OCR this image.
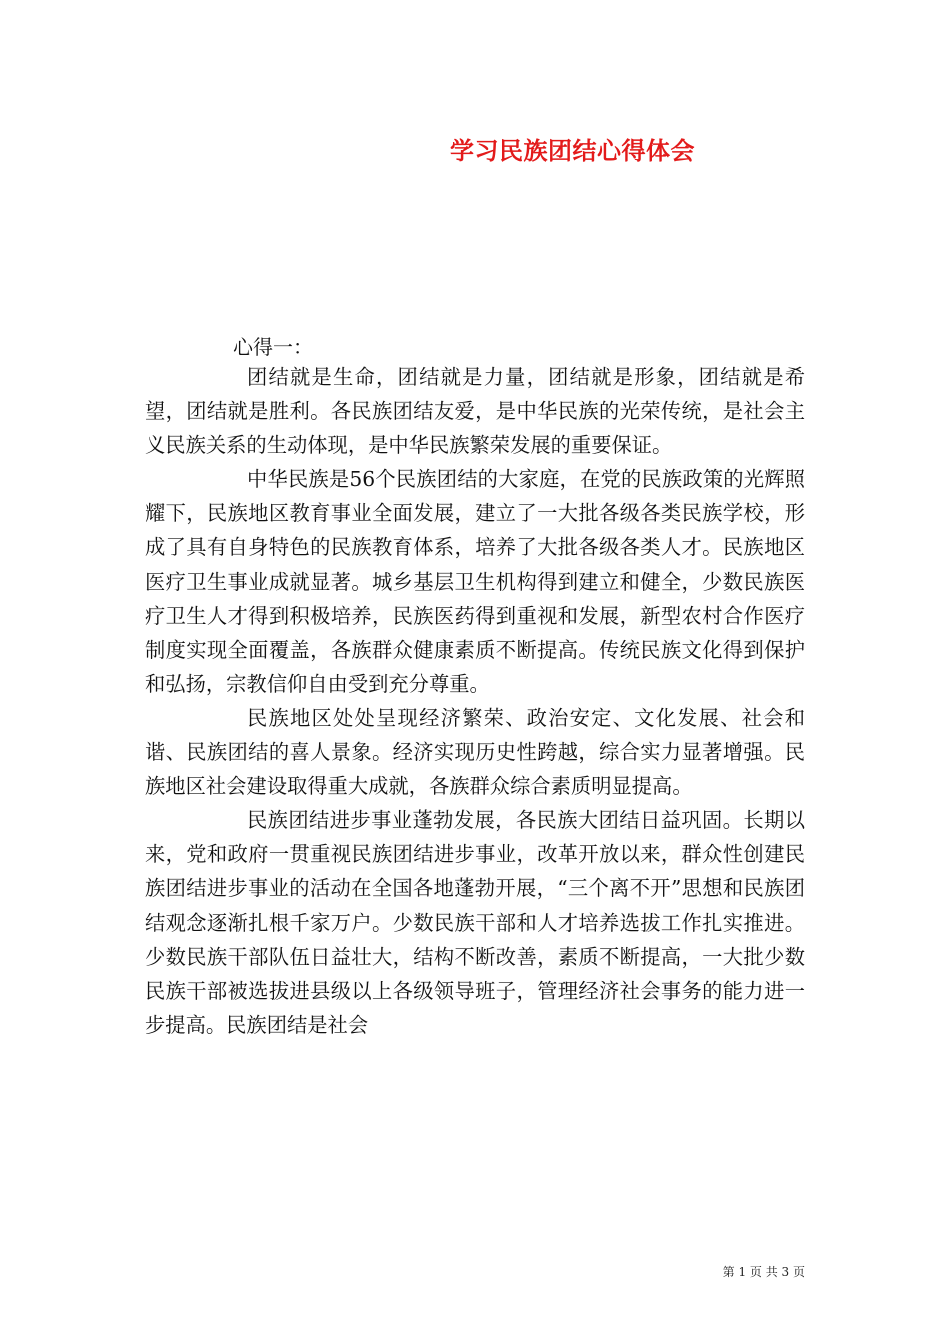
学习民族团结心得体会

心得一：

团结就是生命，团结就是力量，团结就是形象，团结就是希望，团结就是胜利。各民族团结友爱，是中华民族的光荣传统，是社会主义民族关系的生动体现，是中华民族繁荣发展的重要保证。

中华民族是56个民族团结的大家庭，在党的民族政策的光辉照耀下，民族地区教育事业全面发展，建立了一大批各级各类民族学校，形成了具有自身特色的民族教育体系，培养了大批各级各类人才。民族地区医疗卫生事业成就显著。城乡基层卫生机构得到建立和健全，少数民族医疗卫生人才得到积极培养，民族医药得到重视和发展，新型农村合作医疗制度实现全面覆盖，各族群众健康素质不断提高。传统民族文化得到保护和弘扬，宗教信仰自由受到充分尊重。

民族地区处处呈现经济繁荣、政治安定、文化发展、社会和谐、民族团结的喜人景象。经济实现历史性跨越，综合实力显著增强。民族地区社会建设取得重大成就，各族群众综合素质明显提高。

民族团结进步事业蓬勃发展，各民族大团结日益巩固。长期以来，党和政府一贯重视民族团结进步事业，改革开放以来，群众性创建民族团结进步事业的活动在全国各地蓬勃开展，“三个离不开”思想和民族团结观念逐渐扎根千家万户。少数民族干部和人才培养选拔工作扎实推进。少数民族干部队伍日益壮大，结构不断改善，素质不断提高，一大批少数民族干部被选拔进县级以上各级领导班子，管理经济社会事务的能力进一步提高。民族团结是社会

第 1 页 共 3 页
